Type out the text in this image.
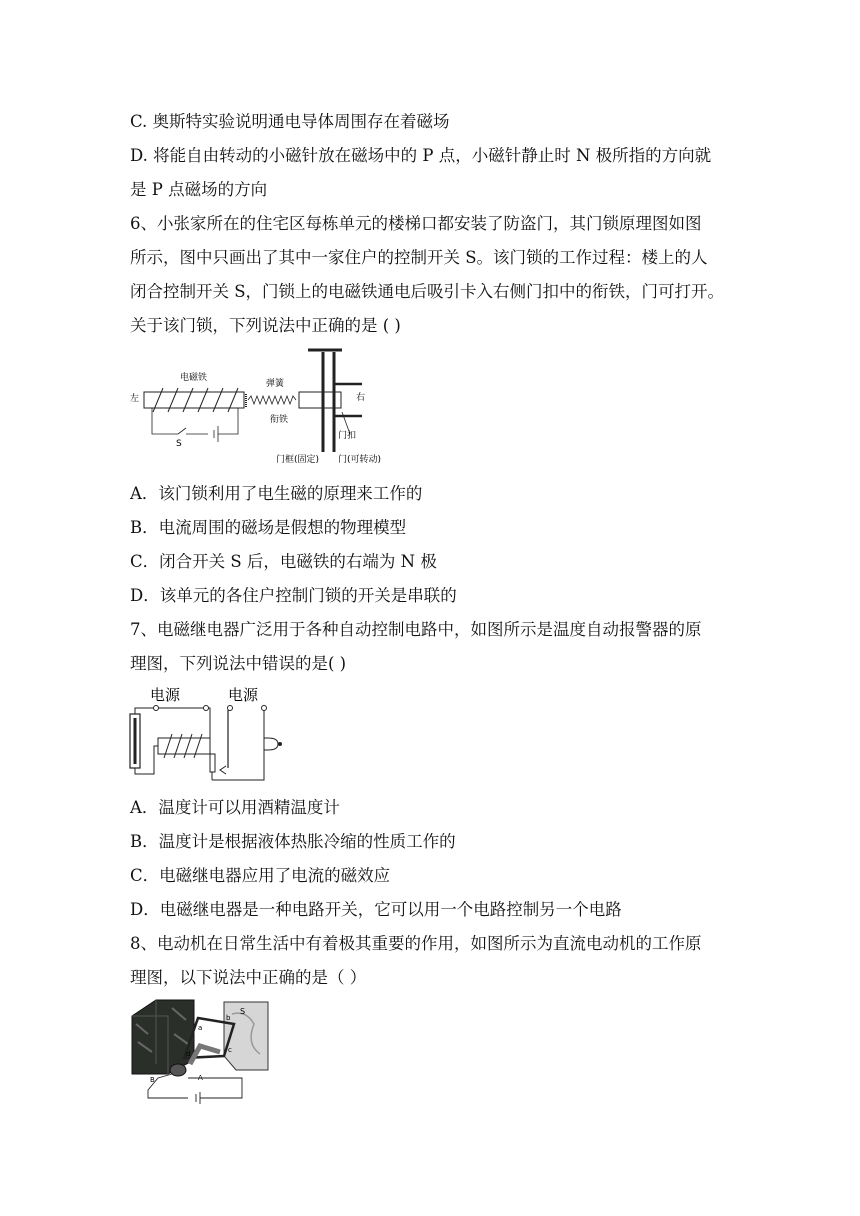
C. 奥斯特实验说明通电导体周围存在着磁场
D. 将能自由转动的小磁针放在磁场中的 P 点，小磁针静止时 N 极所指的方向就
是 P 点磁场的方向
6、小张家所在的住宅区每栋单元的楼梯口都安装了防盗门，其门锁原理图如图
所示，图中只画出了其中一家住户的控制开关 S。该门锁的工作过程：楼上的人
闭合控制开关 S，门锁上的电磁铁通电后吸引卡入右侧门扣中的衔铁，门可打开。
关于该门锁，下列说法中正确的是 ( )
电磁铁
左
弹簧
衔铁
右
门扣
S
门框(固定) 门(可转动)
A．该门锁利用了电生磁的原理来工作的
B．电流周围的磁场是假想的物理模型
C．闭合开关 S 后，电磁铁的右端为 N 极
D．该单元的各住户控制门锁的开关是串联的
7、电磁继电器广泛用于各种自动控制电路中，如图所示是温度自动报警器的原
理图，下列说法中错误的是( )
电源	电源
A．温度计可以用酒精温度计
B．温度计是根据液体热胀冷缩的性质工作的
C．电磁继电器应用了电流的磁效应
D．电磁继电器是一种电路开关，它可以用一个电路控制另一个电路
8、电动机在日常生活中有着极其重要的作用，如图所示为直流电动机的工作原
理图，以下说法中正确的是（ ）
S
a
b
c
d
A
B
